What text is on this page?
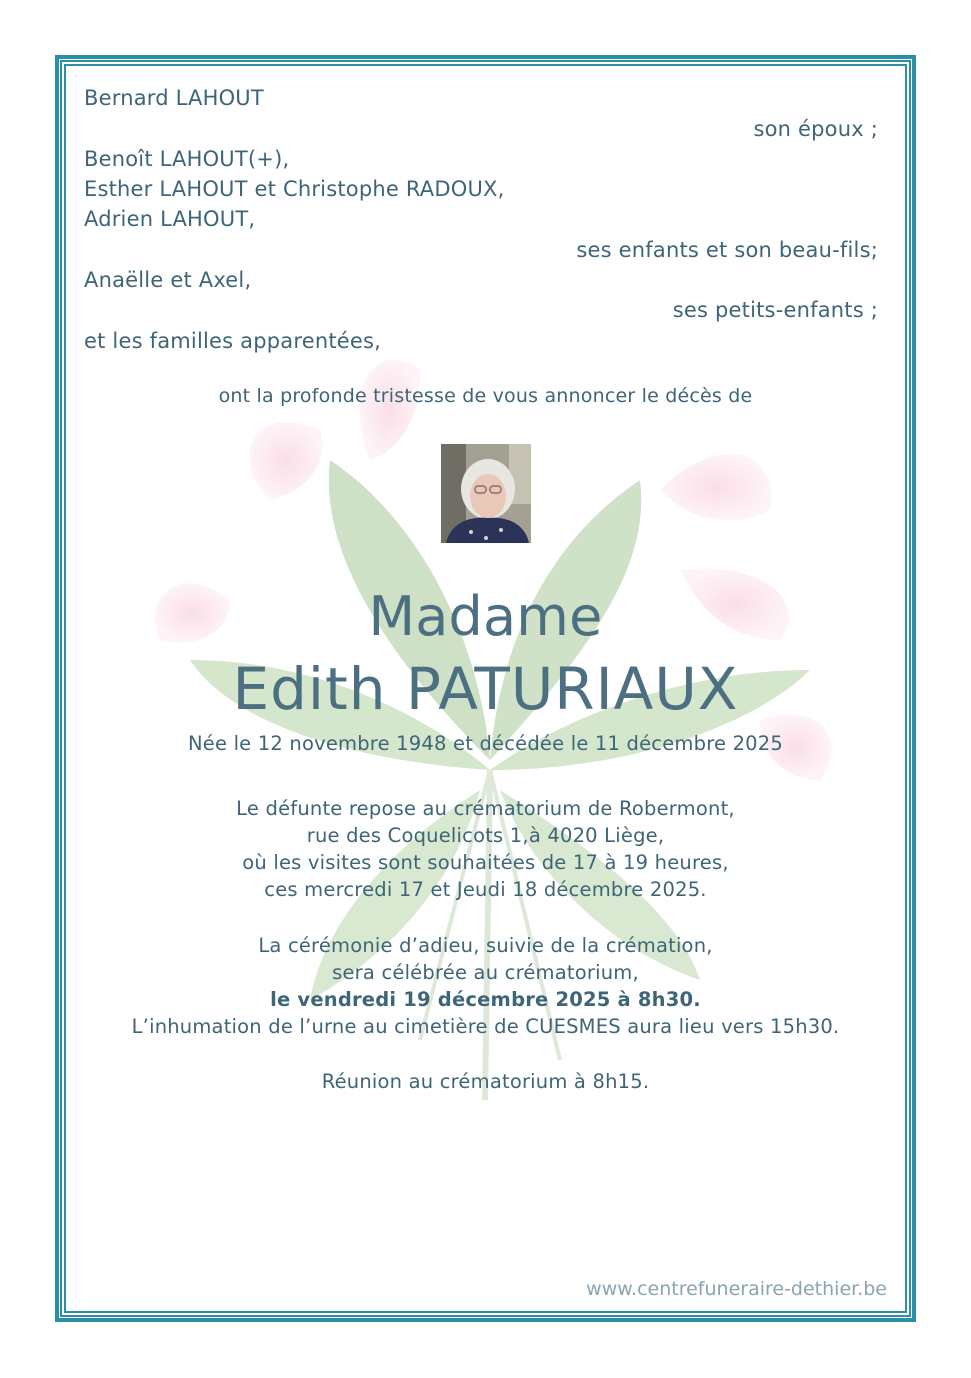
Bernard LAHOUT
son époux ;
Benoît LAHOUT(+),
Esther LAHOUT et Christophe RADOUX,
Adrien LAHOUT,
ses enfants et son beau-fils;
Anaëlle et Axel,
ses petits-enfants ;
et les familles apparentées,
ont la profonde tristesse de vous annoncer le décès de
Madame
Edith PATURIAUX
Née le 12 novembre 1948 et décédée le 11 décembre 2025
Le défunte repose au crématorium de Robermont,
rue des Coquelicots 1,à 4020 Liège,
où les visites sont souhaitées de 17 à 19 heures,
ces mercredi 17 et Jeudi 18 décembre 2025.
La cérémonie d’adieu, suivie de la crémation,
sera célébrée au crématorium,
le vendredi 19 décembre 2025 à 8h30.
L’inhumation de l’urne au cimetière de CUESMES aura lieu vers 15h30.
Réunion au crématorium à 8h15.
www.centrefuneraire-dethier.be
